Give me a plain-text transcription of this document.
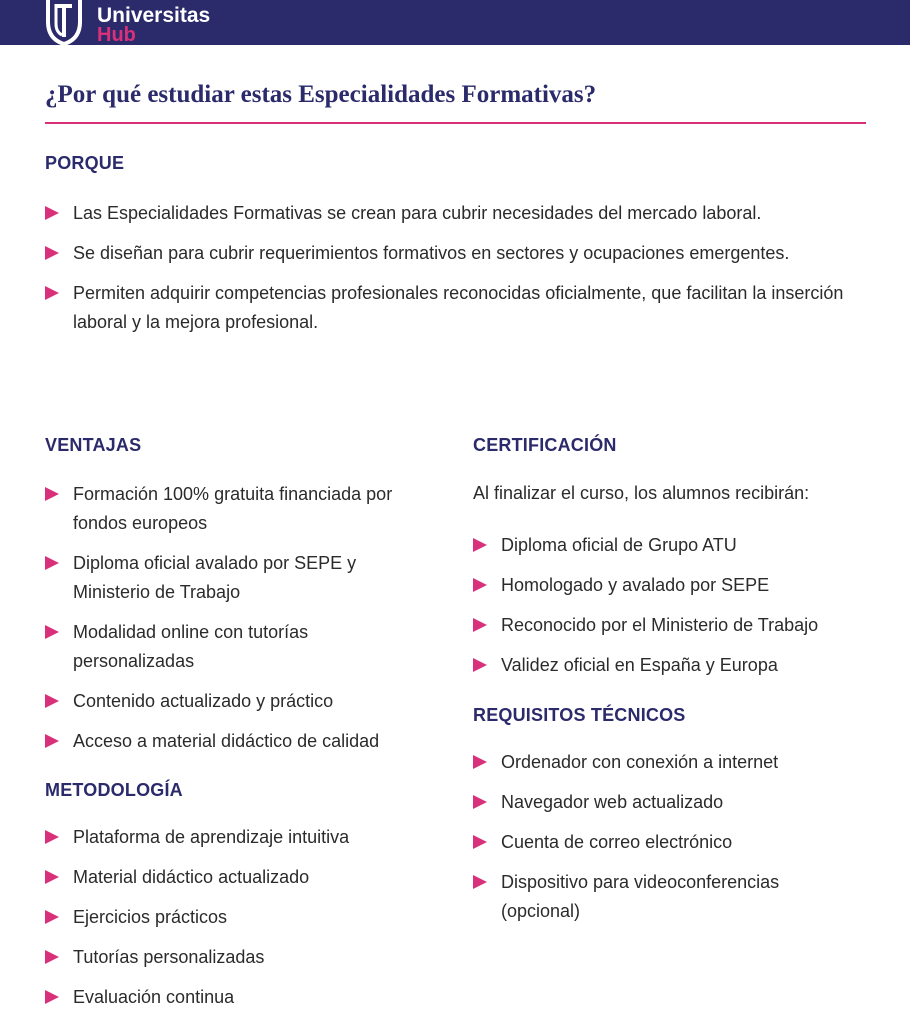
Universitas
Hub
¿Por qué estudiar estas Especialidades Formativas?
PORQUE
Las Especialidades Formativas se crean para cubrir necesidades del mercado laboral.
Se diseñan para cubrir requerimientos formativos en sectores y ocupaciones emergentes.
Permiten adquirir competencias profesionales reconocidas oficialmente, que facilitan la inserción laboral y la mejora profesional.
VENTAJAS
Formación 100% gratuita financiada por fondos europeos
Diploma oficial avalado por SEPE y Ministerio de Trabajo
Modalidad online con tutorías personalizadas
Contenido actualizado y práctico
Acceso a material didáctico de calidad
METODOLOGÍA
Plataforma de aprendizaje intuitiva
Material didáctico actualizado
Ejercicios prácticos
Tutorías personalizadas
Evaluación continua
CERTIFICACIÓN
Al finalizar el curso, los alumnos recibirán:
Diploma oficial de Grupo ATU
Homologado y avalado por SEPE
Reconocido por el Ministerio de Trabajo
Validez oficial en España y Europa
REQUISITOS TÉCNICOS
Ordenador con conexión a internet
Navegador web actualizado
Cuenta de correo electrónico
Dispositivo para videoconferencias (opcional)
